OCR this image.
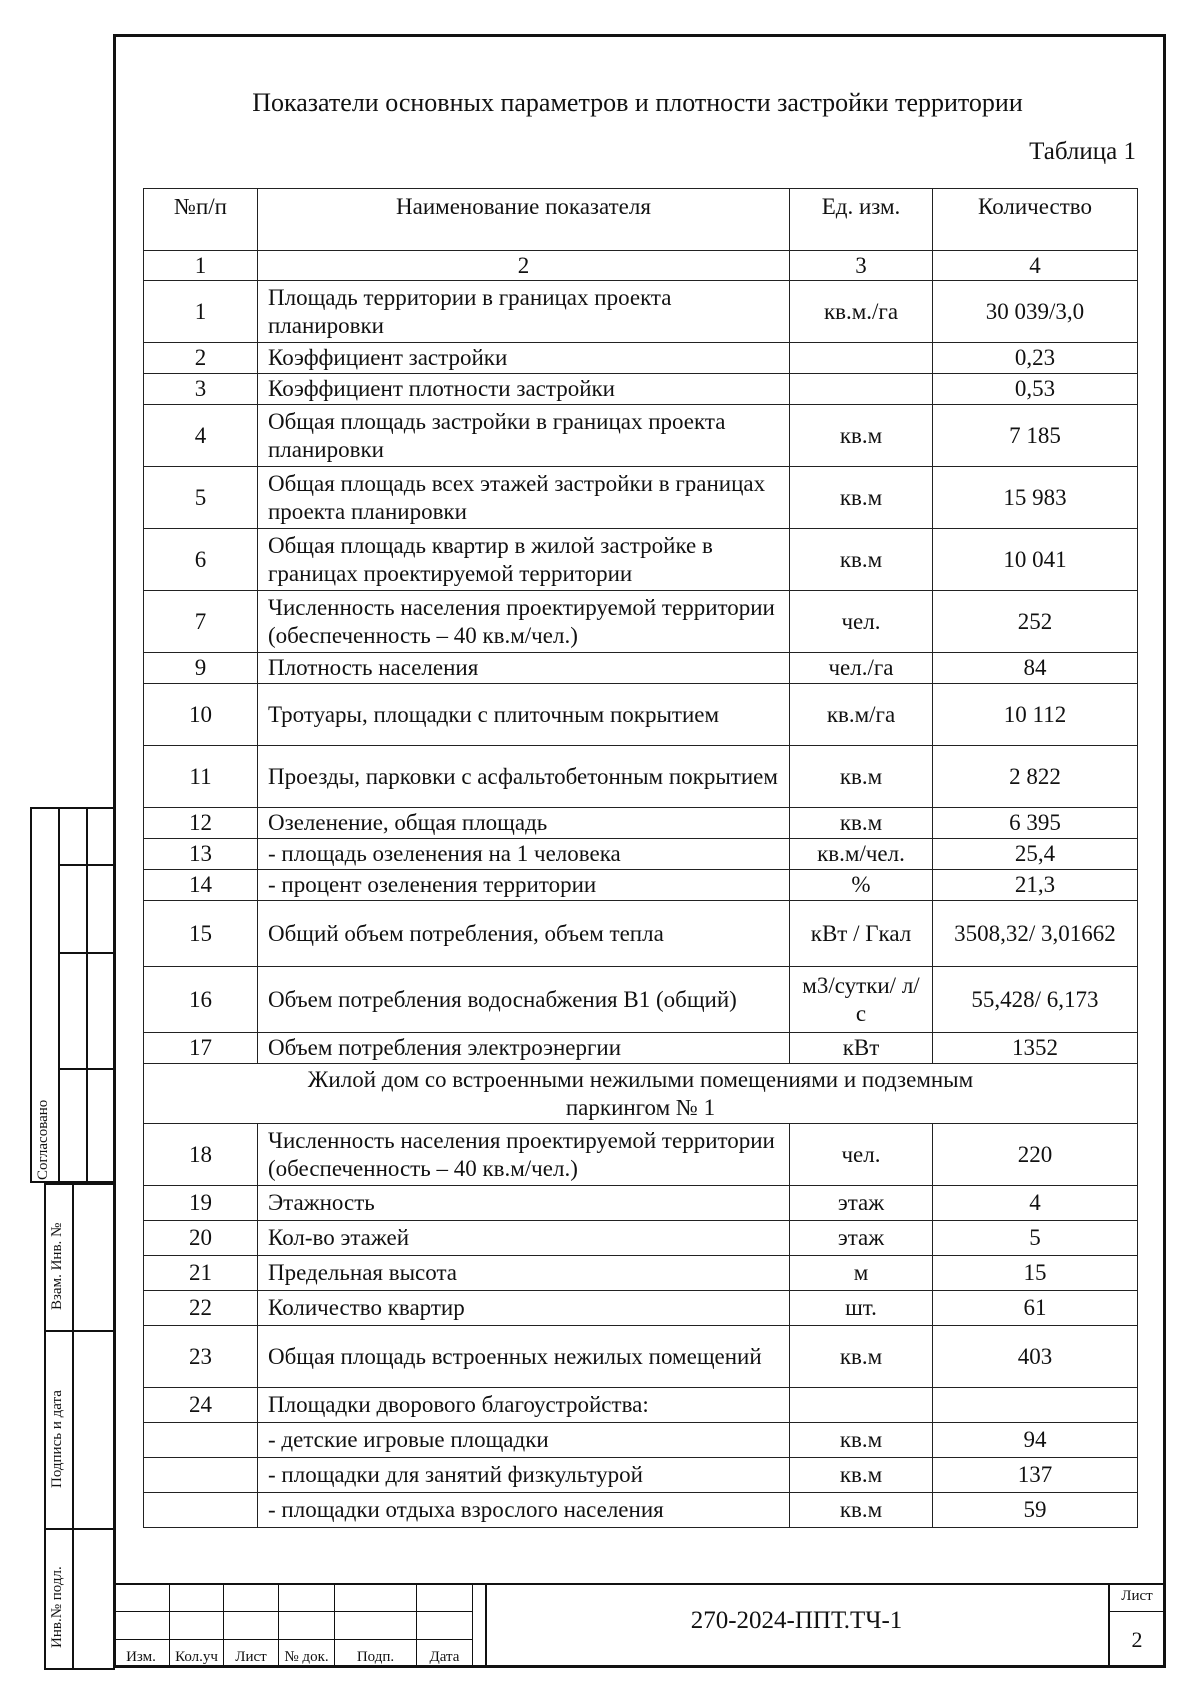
Показатели основных параметров и плотности застройки территории
Таблица 1
№п/п	Наименование показателя	Ед. изм.	Количество
1	2	3	4
1	Площадь территории в границах проекта планировки	кв.м./га	30 039/3,0
2	Коэффициент застройки		0,23
3	Коэффициент плотности застройки		0,53
4	Общая площадь застройки в границах проекта планировки	кв.м	7 185
5	Общая площадь всех этажей застройки в границах проекта планировки	кв.м	15 983
6	Общая площадь квартир в жилой застройке в границах проектируемой территории	кв.м	10 041
7	Численность населения проектируемой территории (обеспеченность – 40 кв.м/чел.)	чел.	252
9	Плотность населения	чел./га	84
10	Тротуары, площадки с плиточным покрытием	кв.м/га	10 112
11	Проезды, парковки с асфальтобетонным покрытием	кв.м	2 822
12	Озеленение, общая площадь	кв.м	6 395
13	- площадь озеленения на 1 человека	кв.м/чел.	25,4
14	- процент озеленения территории	%	21,3
15	Общий объем потребления, объем тепла	кВт / Гкал	3508,32/ 3,01662
16	Объем потребления водоснабжения В1 (общий)	м3/сутки/ л/с	55,428/ 6,173
17	Объем потребления электроэнергии	кВт	1352
Жилой дом со встроенными нежилыми помещениями и подземным паркингом № 1			
18	Численность населения проектируемой территории (обеспеченность – 40 кв.м/чел.)	чел.	220
19	Этажность	этаж	4
20	Кол-во этажей	этаж	5
21	Предельная высота	м	15
22	Количество квартир	шт.	61
23	Общая площадь встроенных нежилых помещений	кв.м	403
24	Площадки дворового благоустройства:		
	- детские игровые площадки	кв.м	94
	- площадки для занятий физкультурой	кв.м	137
	- площадки отдыха взрослого населения	кв.м	59
Согласовано
Взам. Инв. №
Подпись и дата
Инв.№ подл.
Изм.	Кол.уч	Лист	№ док.	Подп.	Дата
270-2024-ППТ.ТЧ-1
Лист
2
